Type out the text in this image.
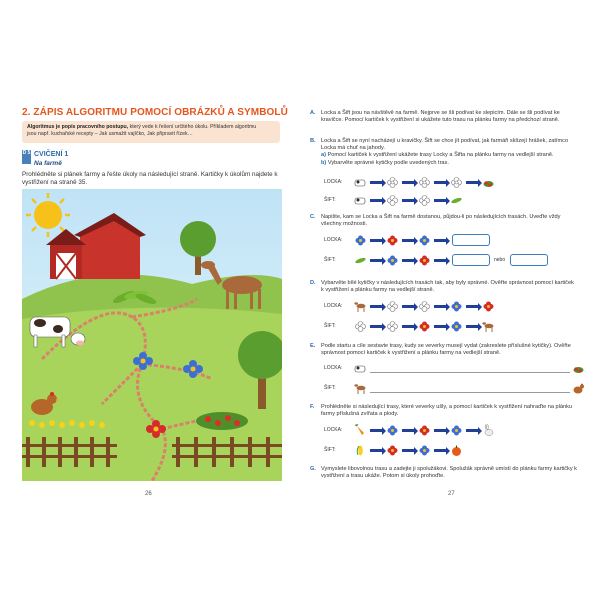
2. ZÁPIS ALGORITMU POMOCÍ OBRÁZKŮ A SYMBOLŮ
Algoritmus je popis pracovního postupu, který vede k řešení určitého úkolu. Příkladem algoritmu
jsou např. kuchařské recepty – Jak usmažit vajíčko, Jak připravit řízek…
D 5 CVIČENÍ 1
Na farmě
Prohlédněte si plánek farmy a řešte úkoly na následující straně. Kartičky k úkolům najdete k vystřižení na straně 35.
26
A. Locka a Šift jsou na návštěvě na farmě. Nejprve se šli podívat ke slepicím. Dále se šli podívat ke kravičce. Pomocí kartiček k vystřižení si ukážete tuto trasu na plánku farmy na předchozí straně.
B. Locka a Šift se nyní nacházejí u kravičky. Šift se chce jít podívat, jak farmáři sklízejí hrášek, zatímco Locka má chuť na jahody.
a) Pomocí kartiček k vystřižení ukážete trasy Locky a Šifta na plánku farmy na vedlejší straně.
b) Vybarvěte správné kytičky podle uvedených tras.
LOCKA:
ŠIFT:
C. Napište, kam se Locka a Šift na farmě dostanou, půjdou-li po následujících trasách. Uveďte vždy všechny možnosti.
LOCKA:
ŠIFT:	nebo
D. Vybarvěte bílé kytičky v následujících trasách tak, aby byly správné. Ověřte správnost pomocí kartiček k vystřižení a plánku farmy na vedlejší straně.
LOCKA:
ŠIFT:
E. Podle startu a cíle sestavte trasy, kudy se veverky musejí vydat (zakreslete příslušné kytičky). Ověřte správnost pomocí kartiček k vystřižení a plánku farmy na vedlejší straně.
LOCKA:
ŠIFT:
F. Prohlédněte si následující trasy, které veverky ušly, a pomocí kartiček k vystřižení nahraďte na plánku farmy příslušná zvířata a plody.
LOCKA:
ŠIFT:
G. Vymyslete libovolnou trasu a zadejte ji spolužákovi. Spolužák správně umístí do plánku farmy kartičky k vystřižení a trasu ukáže. Potom si úkoly prohoďte.
27
